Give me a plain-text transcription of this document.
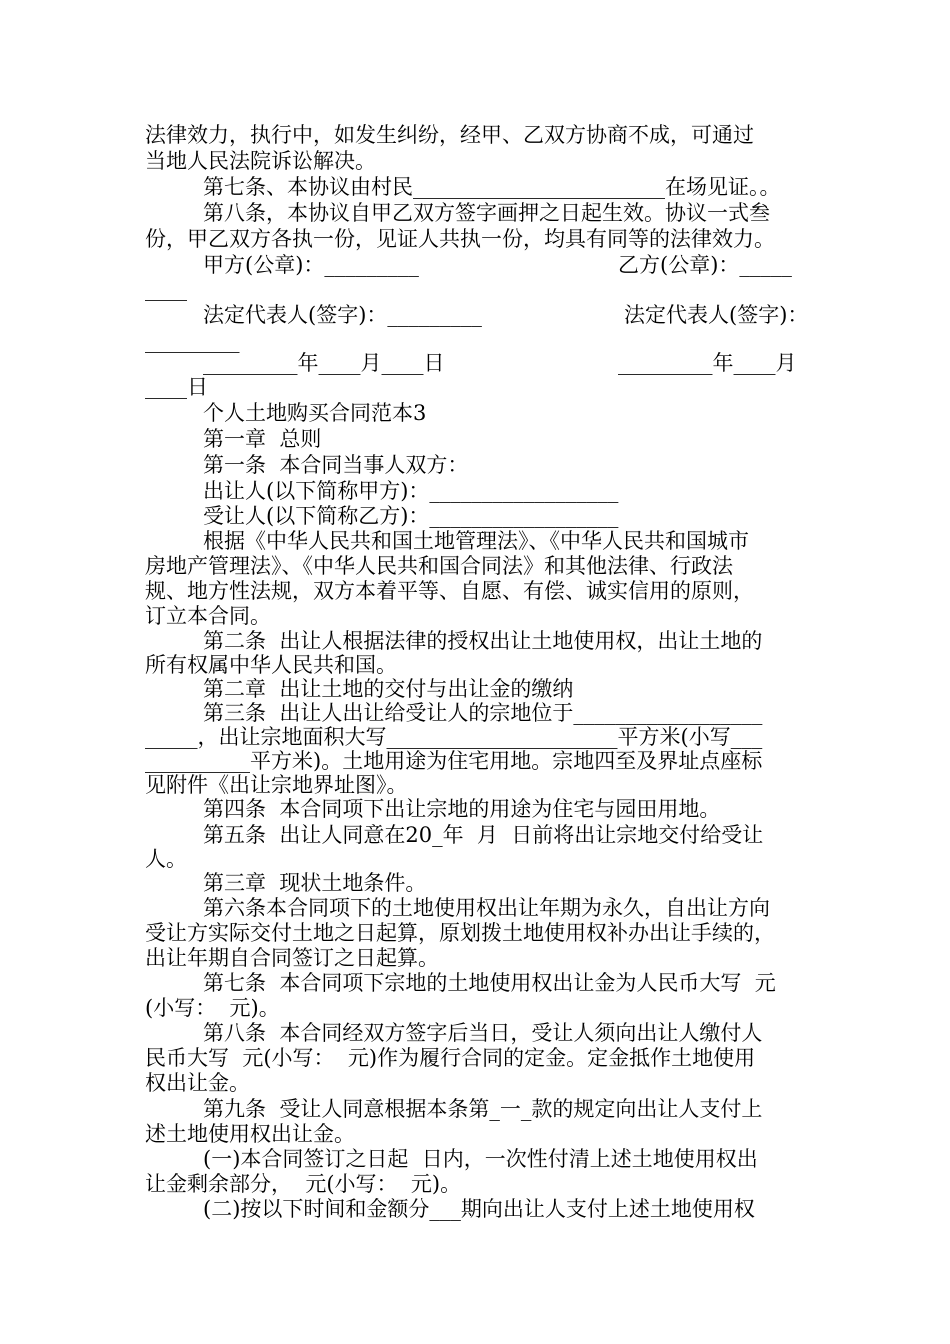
法律效力，执行中，如发生纠纷，经甲、乙双方协商不成，可通过
当地人民法院诉讼解决。
第七条、本协议由村民________________________在场见证。。
第八条，本协议自甲乙双方签字画押之日起生效。协议一式叁
份，甲乙双方各执一份，见证人共执一份，均具有同等的法律效力。
甲方(公章)：_________	乙方(公章)：_____
____
法定代表人(签字)：_________	法定代表人(签字)：
_________
_________年____月____日	_________年____月
____日
个人土地购买合同范本3
第一章  总则
第一条  本合同当事人双方：
出让人(以下简称甲方)：__________________
受让人(以下简称乙方)：__________________
根据《中华人民共和国土地管理法》、《中华人民共和国城市
房地产管理法》、《中华人民共和国合同法》和其他法律、行政法
规、地方性法规，双方本着平等、自愿、有偿、诚实信用的原则，
订立本合同。
第二条  出让人根据法律的授权出让土地使用权，出让土地的
所有权属中华人民共和国。
第二章  出让土地的交付与出让金的缴纳
第三条  出让人出让给受让人的宗地位于__________________
_____，出让宗地面积大写______________________平方米(小写___
__________平方米)。土地用途为住宅用地。宗地四至及界址点座标
见附件《出让宗地界址图》。
第四条  本合同项下出让宗地的用途为住宅与园田用地。
第五条  出让人同意在20_年  月  日前将出让宗地交付给受让
人。
第三章  现状土地条件。
第六条本合同项下的土地使用权出让年期为永久，自出让方向
受让方实际交付土地之日起算，原划拨土地使用权补办出让手续的，
出让年期自合同签订之日起算。
第七条  本合同项下宗地的土地使用权出让金为人民币大写  元
(小写：  元)。
第八条  本合同经双方签字后当日，受让人须向出让人缴付人
民币大写  元(小写：  元)作为履行合同的定金。定金抵作土地使用
权出让金。
第九条  受让人同意根据本条第_一_款的规定向出让人支付上
述土地使用权出让金。
(一)本合同签订之日起  日内，一次性付清上述土地使用权出
让金剩余部分，  元(小写：  元)。
(二)按以下时间和金额分___期向出让人支付上述土地使用权
